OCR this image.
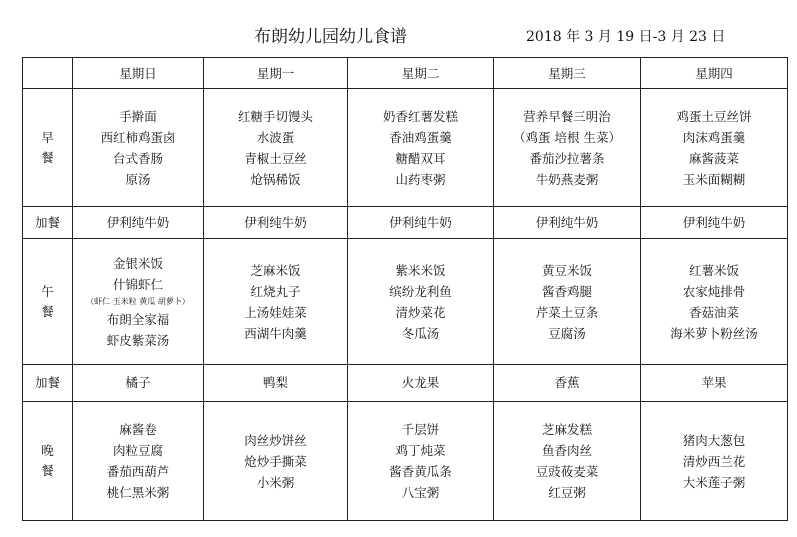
布朗幼儿园幼儿食谱	2018 年 3 月 19 日-3 月 23 日
	星期日	星期一	星期二	星期三	星期四

早
餐	手擀面
西红柿鸡蛋卤
台式香肠
原汤	红糖手切馒头
水波蛋
青椒土豆丝
炝锅稀饭	奶香红薯发糕
香油鸡蛋羹
糖醋双耳
山药枣粥	营养早餐三明治
（鸡蛋 培根 生菜）
番茄沙拉薯条
牛奶燕麦粥	鸡蛋土豆丝饼
肉沫鸡蛋羹
麻酱菠菜
玉米面糊糊

加餐	伊利纯牛奶	伊利纯牛奶	伊利纯牛奶	伊利纯牛奶	伊利纯牛奶

午
餐	金银米饭
什锦虾仁
（虾仁 玉米粒 黄瓜 胡萝卜）
布朗全家福
虾皮紫菜汤	芝麻米饭
红烧丸子
上汤娃娃菜
西湖牛肉羹	紫米米饭
缤纷龙利鱼
清炒菜花
冬瓜汤	黄豆米饭
酱香鸡腿
芹菜土豆条
豆腐汤	红薯米饭
农家炖排骨
香菇油菜
海米萝卜粉丝汤

加餐	橘子	鸭梨	火龙果	香蕉	苹果

晚
餐	麻酱卷
肉粒豆腐
番茄西葫芦
桃仁黑米粥	肉丝炒饼丝
炝炒手撕菜
小米粥	千层饼
鸡丁炖菜
酱香黄瓜条
八宝粥	芝麻发糕
鱼香肉丝
豆豉莜麦菜
红豆粥	猪肉大葱包
清炒西兰花
大米莲子粥
